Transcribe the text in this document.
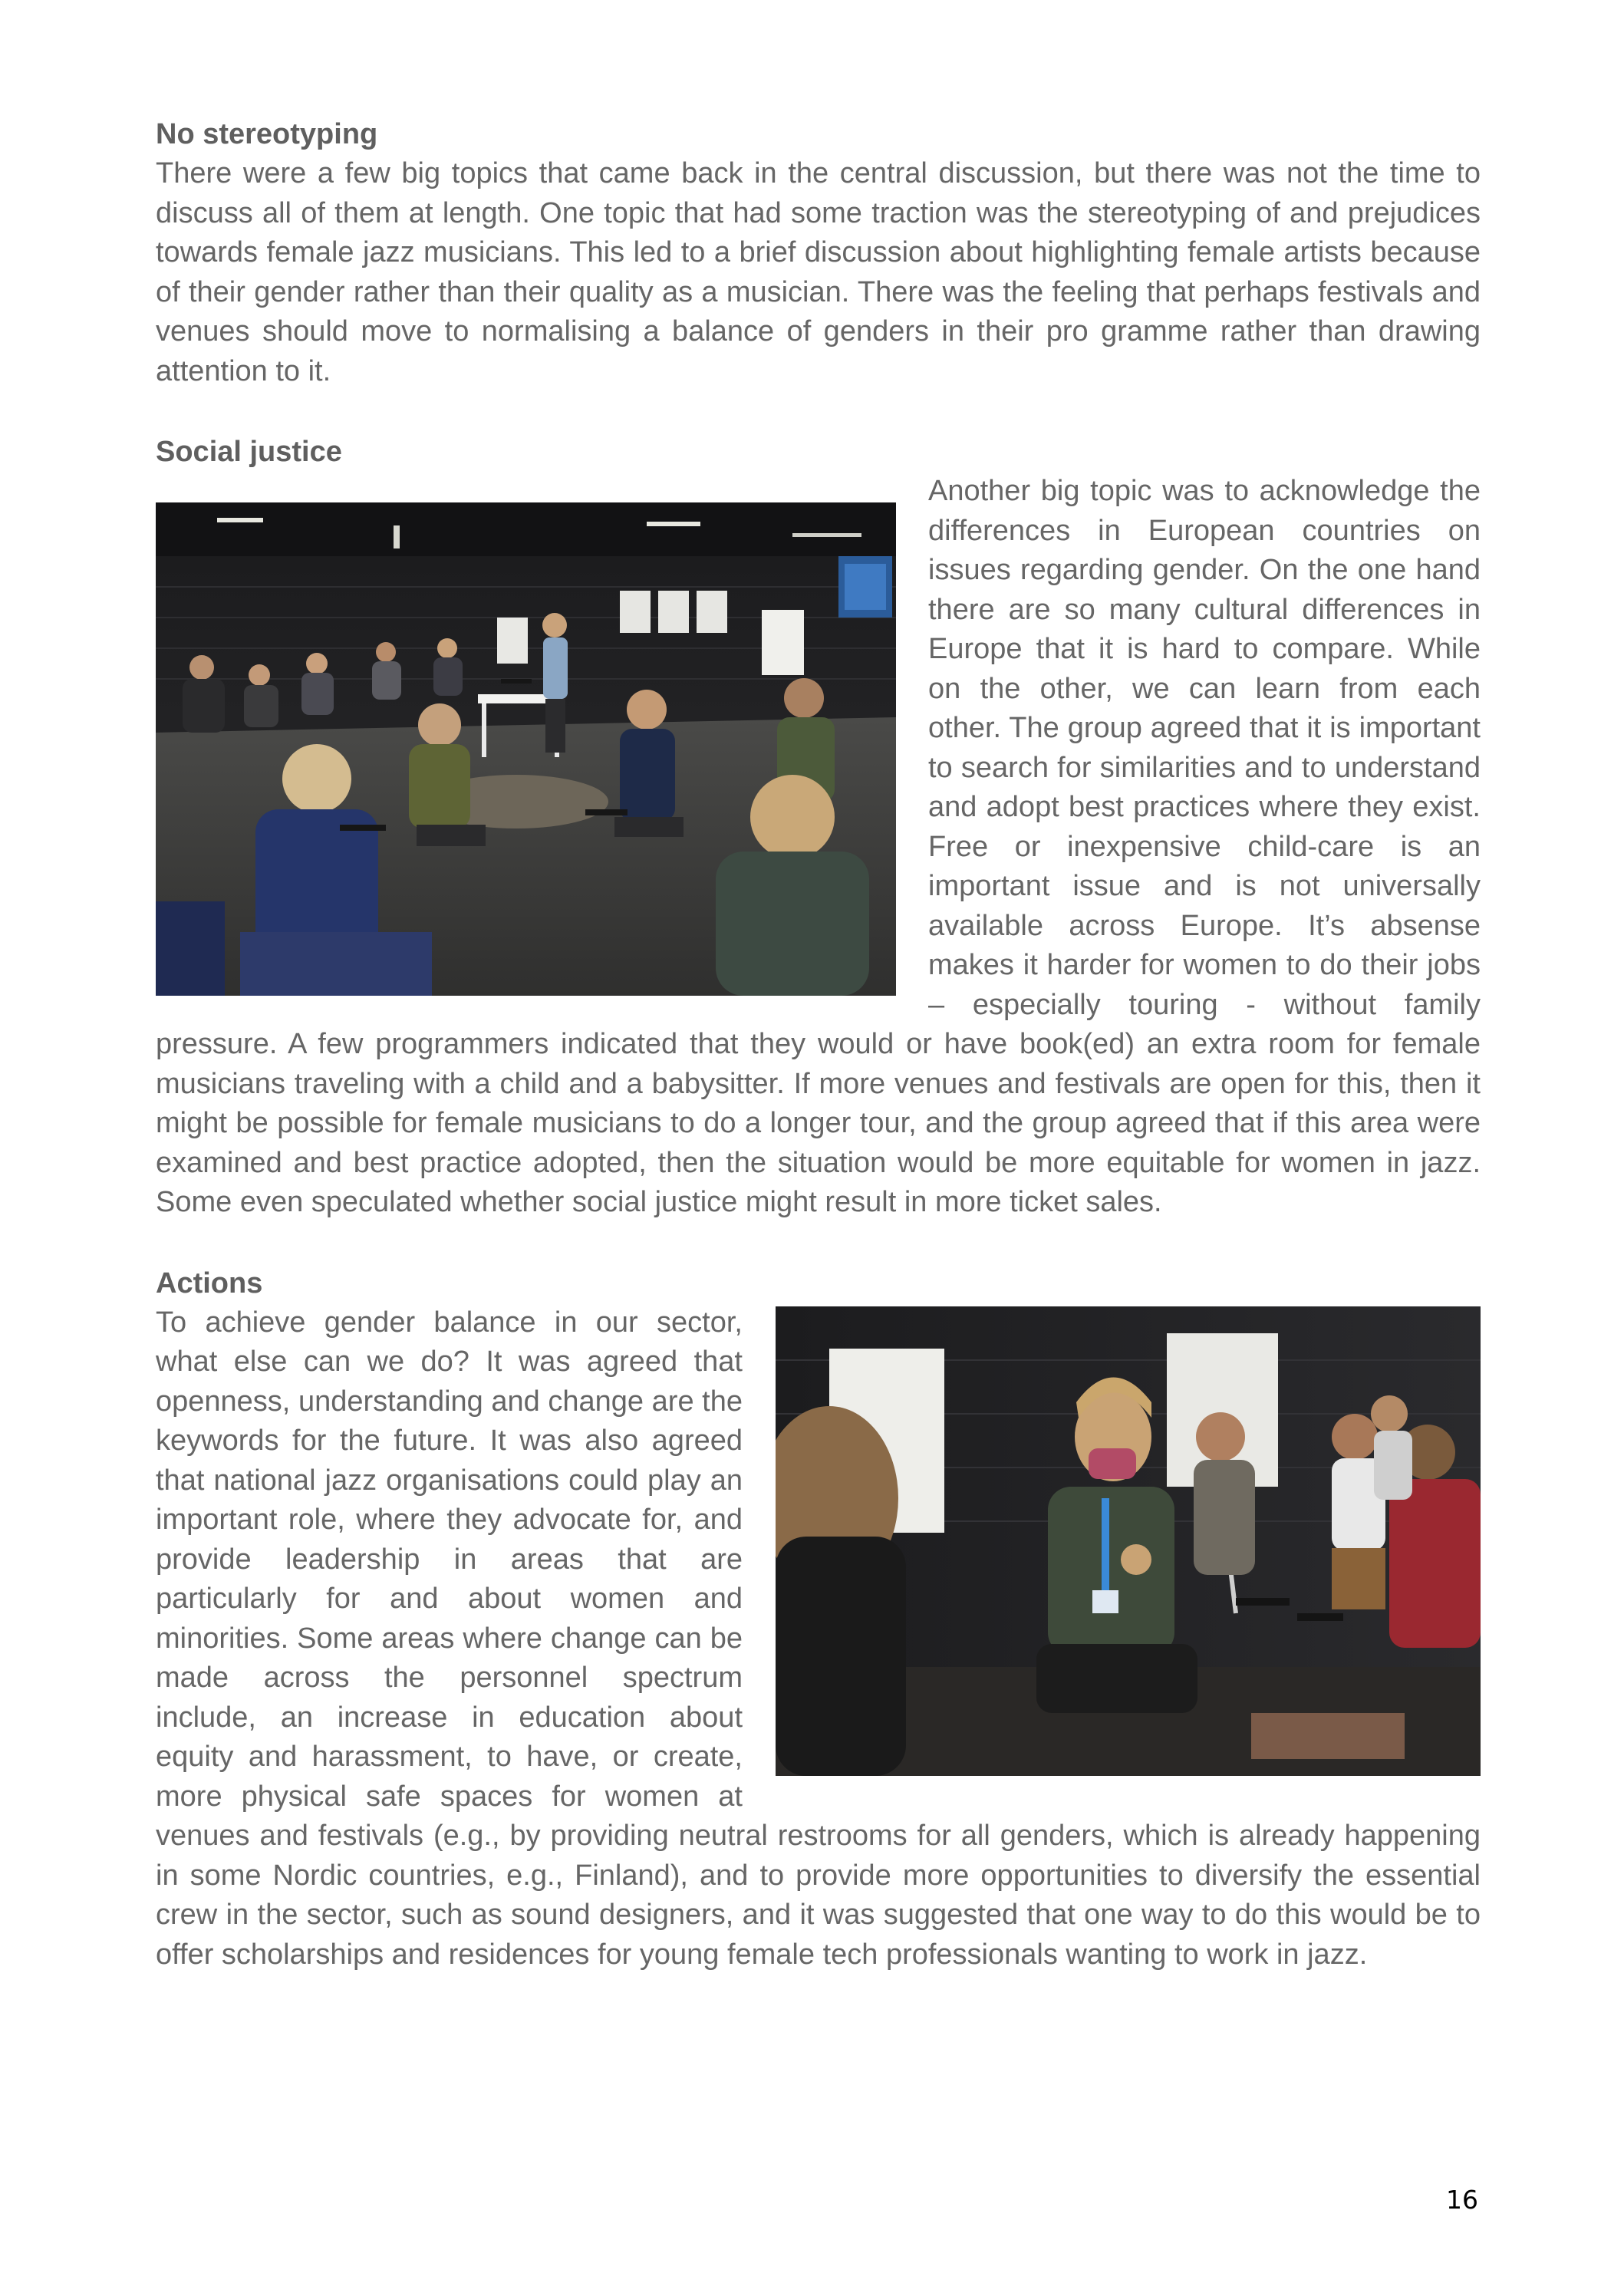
No stereotyping

There were a few big topics that came back in the central discussion, but there was not the time to discuss all of them at length. One topic that had some traction was the stereotyping of and prejudices towards female jazz musicians. This led to a brief discussion about highlighting female artists because of their gender rather than their quality as a musician. There was the feeling that perhaps festivals and venues should move to normalising a balance of genders in their pro gramme rather than drawing attention to it.

Social justice

Another big topic was to acknowledge the differences in European countries on issues regarding gender. On the one hand there are so many cultural differences in Europe that it is hard to compare. While on the other, we can learn from each other. The group agreed that it is important to search for similarities and to understand and adopt best practices where they exist. Free or inexpensive child-care is an important issue and is not universally available across Europe. It’s absense makes it harder for women to do their jobs – especially touring - without family pressure. A few programmers indicated that they would or have book(ed) an extra room for female musicians traveling with a child and a babysitter. If more venues and festivals are open for this, then it might be possible for female musicians to do a longer tour, and the group agreed that if this area were examined and best practice adopted, then the situation would be more equitable for women in jazz. Some even speculated whether social justice might result in more ticket sales.

Actions

To achieve gender balance in our sector, what else can we do? It was agreed that openness, understanding and change are the keywords for the future. It was also agreed that national jazz organisations could play an important role, where they advocate for, and provide leadership in areas that are particularly for and about women and minorities. Some areas where change can be made across the personnel spectrum include, an increase in education about equity and harassment, to have, or create, more physical safe spaces for women at venues and festivals (e.g., by providing neutral restrooms for all genders, which is already happening in some Nordic countries, e.g., Finland), and to provide more opportunities to diversify the essential crew in the sector, such as sound designers, and it was suggested that one way to do this would be to offer scholarships and residences for young female tech professionals wanting to work in jazz.

16
